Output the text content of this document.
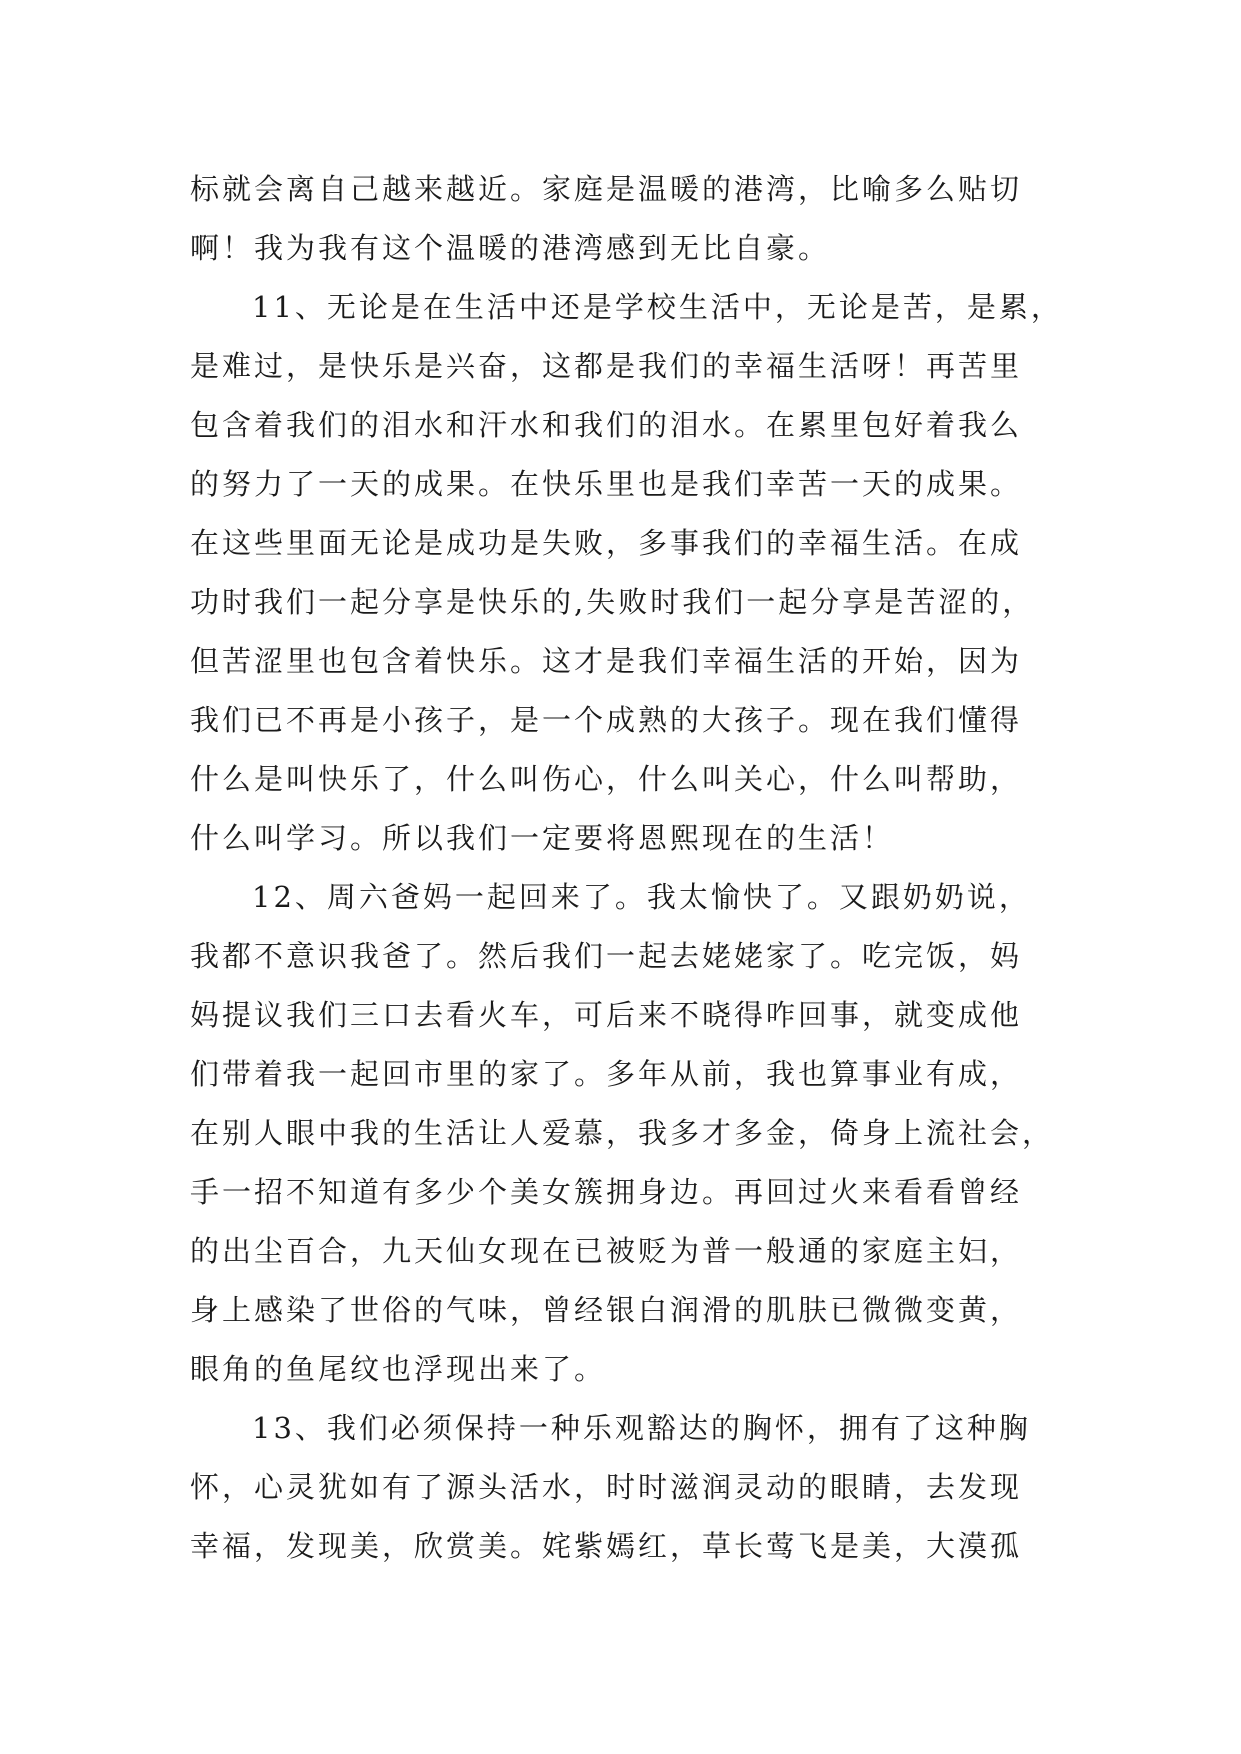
标就会离自己越来越近。家庭是温暖的港湾，比喻多么贴切
啊！我为我有这个温暖的港湾感到无比自豪。
11、无论是在生活中还是学校生活中，无论是苦，是累，
是难过，是快乐是兴奋，这都是我们的幸福生活呀！再苦里
包含着我们的泪水和汗水和我们的泪水。在累里包好着我么
的努力了一天的成果。在快乐里也是我们幸苦一天的成果。
在这些里面无论是成功是失败，多事我们的幸福生活。在成
功时我们一起分享是快乐的,失败时我们一起分享是苦涩的，
但苦涩里也包含着快乐。这才是我们幸福生活的开始，因为
我们已不再是小孩子，是一个成熟的大孩子。现在我们懂得
什么是叫快乐了，什么叫伤心，什么叫关心，什么叫帮助，
什么叫学习。所以我们一定要将恩熙现在的生活！
12、周六爸妈一起回来了。我太愉快了。又跟奶奶说，
我都不意识我爸了。然后我们一起去姥姥家了。吃完饭，妈
妈提议我们三口去看火车，可后来不晓得咋回事，就变成他
们带着我一起回市里的家了。多年从前，我也算事业有成，
在别人眼中我的生活让人爱慕，我多才多金，倚身上流社会，
手一招不知道有多少个美女簇拥身边。再回过火来看看曾经
的出尘百合，九天仙女现在已被贬为普一般通的家庭主妇，
身上感染了世俗的气味，曾经银白润滑的肌肤已微微变黄，
眼角的鱼尾纹也浮现出来了。
13、我们必须保持一种乐观豁达的胸怀，拥有了这种胸
怀，心灵犹如有了源头活水，时时滋润灵动的眼睛，去发现
幸福，发现美，欣赏美。姹紫嫣红，草长莺飞是美，大漠孤
